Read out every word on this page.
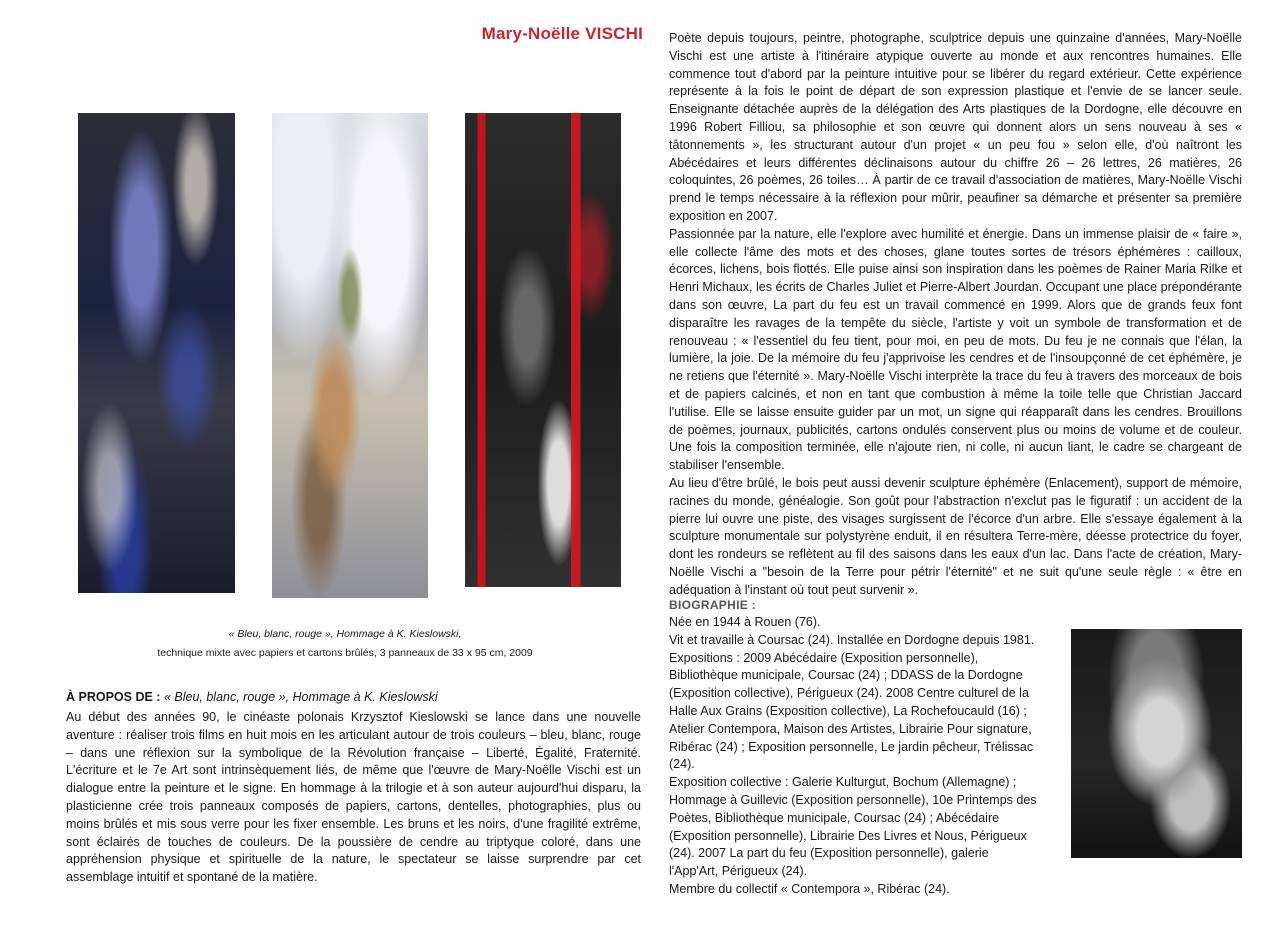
Mary-Noëlle VISCHI
« Bleu, blanc, rouge », Hommage à K. Kieslowski,
technique mixte avec papiers et cartons brûlés, 3 panneaux de 33 x 95 cm, 2009
À PROPOS DE : « Bleu, blanc, rouge », Hommage à K. Kieslowski
Au début des années 90, le cinéaste polonais Krzysztof Kieslowski se lance dans une nouvelle aventure : réaliser trois films en huit mois en les articulant autour de trois couleurs – bleu, blanc, rouge – dans une réflexion sur la symbolique de la Révolution française – Liberté, Égalité, Fraternité. L'écriture et le 7e Art sont intrinsèquement liés, de même que l'œuvre de Mary-Noëlle Vischi est un dialogue entre la peinture et le signe. En hommage à la trilogie et à son auteur aujourd'hui disparu, la plasticienne crée trois panneaux composés de papiers, cartons, dentelles, photographies, plus ou moins brûlés et mis sous verre pour les fixer ensemble. Les bruns et les noirs, d'une fragilité extrême, sont éclairés de touches de couleurs. De la poussière de cendre au triptyque coloré, dans une appréhension physique et spirituelle de la nature, le spectateur se laisse surprendre par cet assemblage intuitif et spontané de la matière.

Poète depuis toujours, peintre, photographe, sculptrice depuis une quinzaine d'années, Mary-Noëlle Vischi est une artiste à l'itinéraire atypique ouverte au monde et aux rencontres humaines. Elle commence tout d'abord par la peinture intuitive pour se libérer du regard extérieur. Cette expérience représente à la fois le point de départ de son expression plastique et l'envie de se lancer seule. Enseignante détachée auprès de la délégation des Arts plastiques de la Dordogne, elle découvre en 1996 Robert Filliou, sa philosophie et son œuvre qui donnent alors un sens nouveau à ses « tâtonnements », les structurant autour d'un projet « un peu fou » selon elle, d'où naîtront les Abécédaires et leurs différentes déclinaisons autour du chiffre 26 – 26 lettres, 26 matières, 26 coloquintes, 26 poèmes, 26 toiles… À partir de ce travail d'association de matières, Mary-Noëlle Vischi prend le temps nécessaire à la réflexion pour mûrir, peaufiner sa démarche et présenter sa première exposition en 2007.

Passionnée par la nature, elle l'explore avec humilité et énergie. Dans un immense plaisir de « faire », elle collecte l'âme des mots et des choses, glane toutes sortes de trésors éphémères : cailloux, écorces, lichens, bois flottés. Elle puise ainsi son inspiration dans les poèmes de Rainer Maria Rilke et Henri Michaux, les écrits de Charles Juliet et Pierre-Albert Jourdan. Occupant une place prépondérante dans son œuvre, La part du feu est un travail commencé en 1999. Alors que de grands feux font disparaître les ravages de la tempête du siècle, l'artiste y voit un symbole de transformation et de renouveau : « l'essentiel du feu tient, pour moi, en peu de mots. Du feu je ne connais que l'élan, la lumière, la joie. De la mémoire du feu j'apprivoise les cendres et de l'insoupçonné de cet éphémère, je ne retiens que l'éternité ». Mary-Noëlle Vischi interprète la trace du feu à travers des morceaux de bois et de papiers calcinés, et non en tant que combustion à même la toile telle que Christian Jaccard l'utilise. Elle se laisse ensuite guider par un mot, un signe qui réapparaît dans les cendres. Brouillons de poèmes, journaux, publicités, cartons ondulés conservent plus ou moins de volume et de couleur. Une fois la composition terminée, elle n'ajoute rien, ni colle, ni aucun liant, le cadre se chargeant de stabiliser l'ensemble.

Au lieu d'être brûlé, le bois peut aussi devenir sculpture éphémère (Enlacement), support de mémoire, racines du monde, généalogie. Son goût pour l'abstraction n'exclut pas le figuratif : un accident de la pierre lui ouvre une piste, des visages surgissent de l'écorce d'un arbre. Elle s'essaye également à la sculpture monumentale sur polystyrène enduit, il en résultera Terre-mère, déesse protectrice du foyer, dont les rondeurs se reflètent au fil des saisons dans les eaux d'un lac. Dans l'acte de création, Mary-Noëlle Vischi a "besoin de la Terre pour pétrir l'éternité" et ne suit qu'une seule règle : « être en adéquation à l'instant où tout peut survenir ».

BIOGRAPHIE :

Née en 1944 à Rouen (76).

Vit et travaille à Coursac (24). Installée en Dordogne depuis 1981.

Expositions : 2009 Abécédaire (Exposition personnelle), Bibliothèque municipale, Coursac (24) ; DDASS de la Dordogne (Exposition collective), Périgueux (24). 2008 Centre culturel de la Halle Aux Grains (Exposition collective), La Rochefoucauld (16) ; Atelier Contempora, Maison des Artistes, Librairie Pour signature, Ribérac (24) ; Exposition personnelle, Le jardin pêcheur, Trélissac (24).

Exposition collective : Galerie Kulturgut, Bochum (Allemagne) ; Hommage à Guillevic (Exposition personnelle), 10e Printemps des Poètes, Bibliothèque municipale, Coursac (24) ; Abécédaire (Exposition personnelle), Librairie Des Livres et Nous, Périgueux (24). 2007 La part du feu (Exposition personnelle), galerie l'App'Art, Périgueux (24).

Membre du collectif « Contempora », Ribérac (24).
